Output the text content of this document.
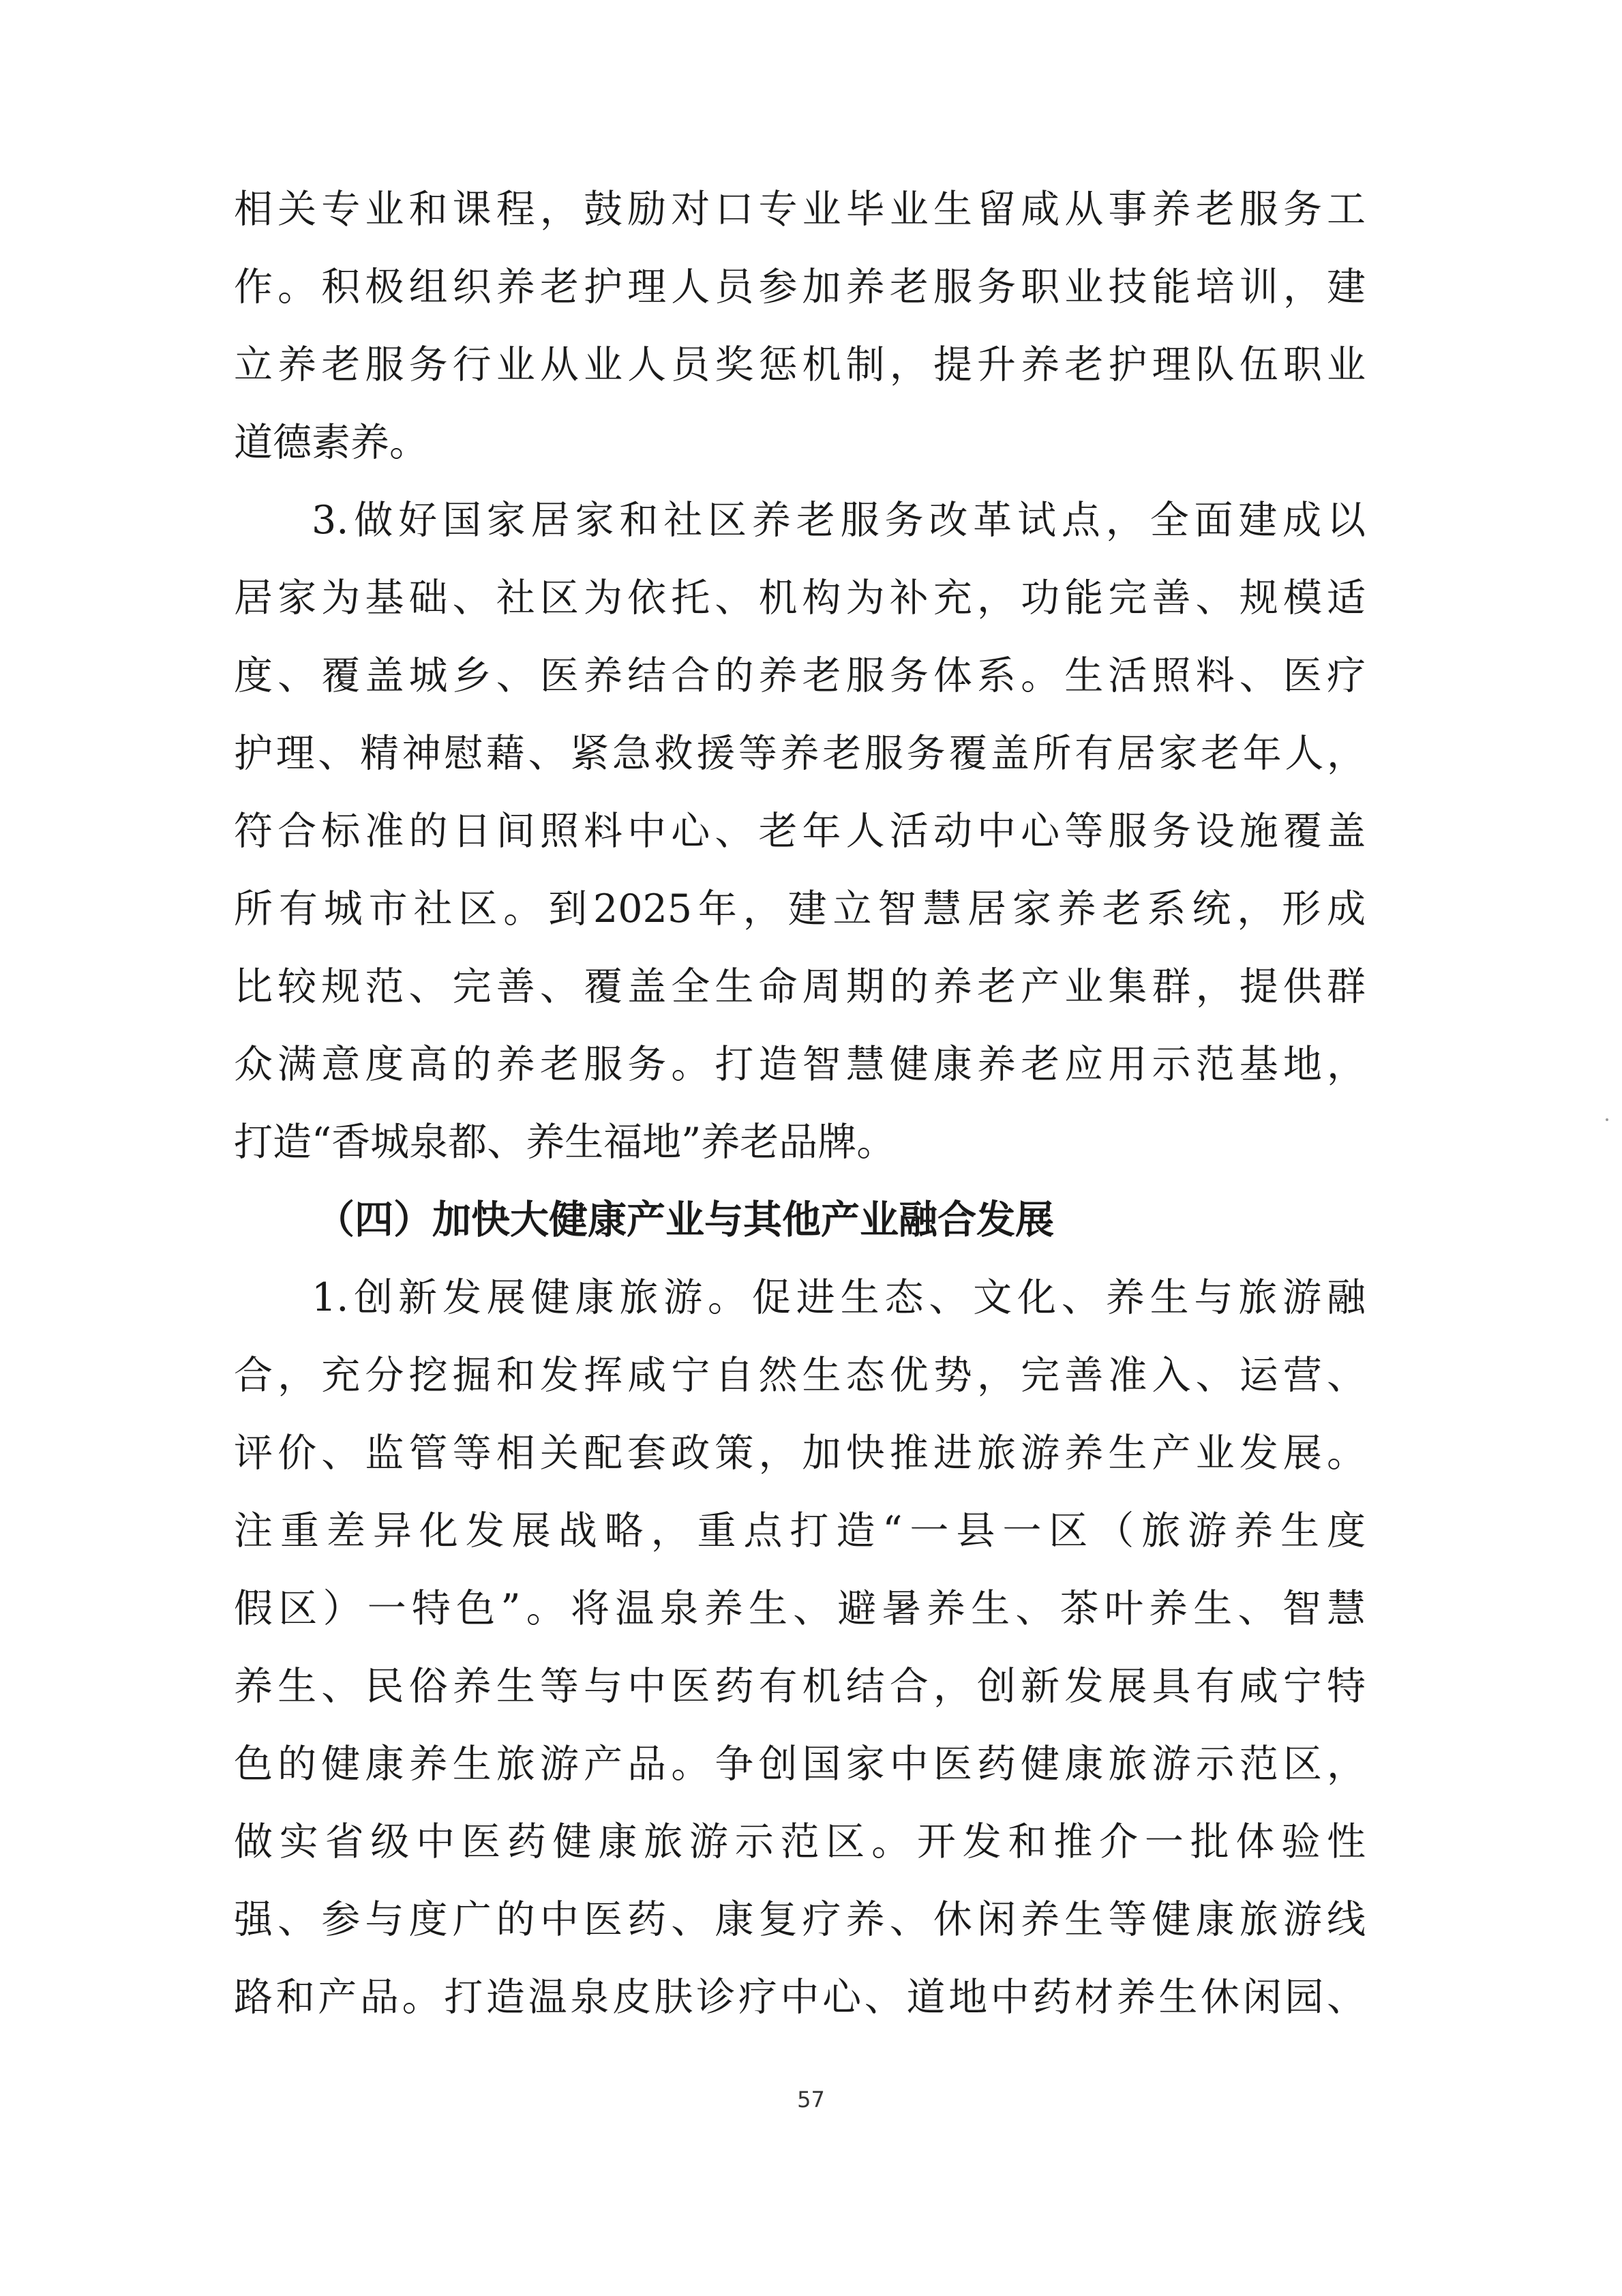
相关专业和课程，鼓励对口专业毕业生留咸从事养老服务工
作。积极组织养老护理人员参加养老服务职业技能培训，建
立养老服务行业从业人员奖惩机制，提升养老护理队伍职业
道德素养。
3.做好国家居家和社区养老服务改革试点，全面建成以
居家为基础、社区为依托、机构为补充，功能完善、规模适
度、覆盖城乡、医养结合的养老服务体系。生活照料、医疗
护理、精神慰藉、紧急救援等养老服务覆盖所有居家老年人，
符合标准的日间照料中心、老年人活动中心等服务设施覆盖
所有城市社区。到2025年，建立智慧居家养老系统，形成
比较规范、完善、覆盖全生命周期的养老产业集群，提供群
众满意度高的养老服务。打造智慧健康养老应用示范基地，
打造“香城泉都、养生福地”养老品牌。
（四）加快大健康产业与其他产业融合发展
1.创新发展健康旅游。促进生态、文化、养生与旅游融
合，充分挖掘和发挥咸宁自然生态优势，完善准入、运营、
评价、监管等相关配套政策，加快推进旅游养生产业发展。
注重差异化发展战略，重点打造“一县一区（旅游养生度
假区）一特色”。将温泉养生、避暑养生、茶叶养生、智慧
养生、民俗养生等与中医药有机结合，创新发展具有咸宁特
色的健康养生旅游产品。争创国家中医药健康旅游示范区，
做实省级中医药健康旅游示范区。开发和推介一批体验性
强、参与度广的中医药、康复疗养、休闲养生等健康旅游线
路和产品。打造温泉皮肤诊疗中心、道地中药材养生休闲园、
57
